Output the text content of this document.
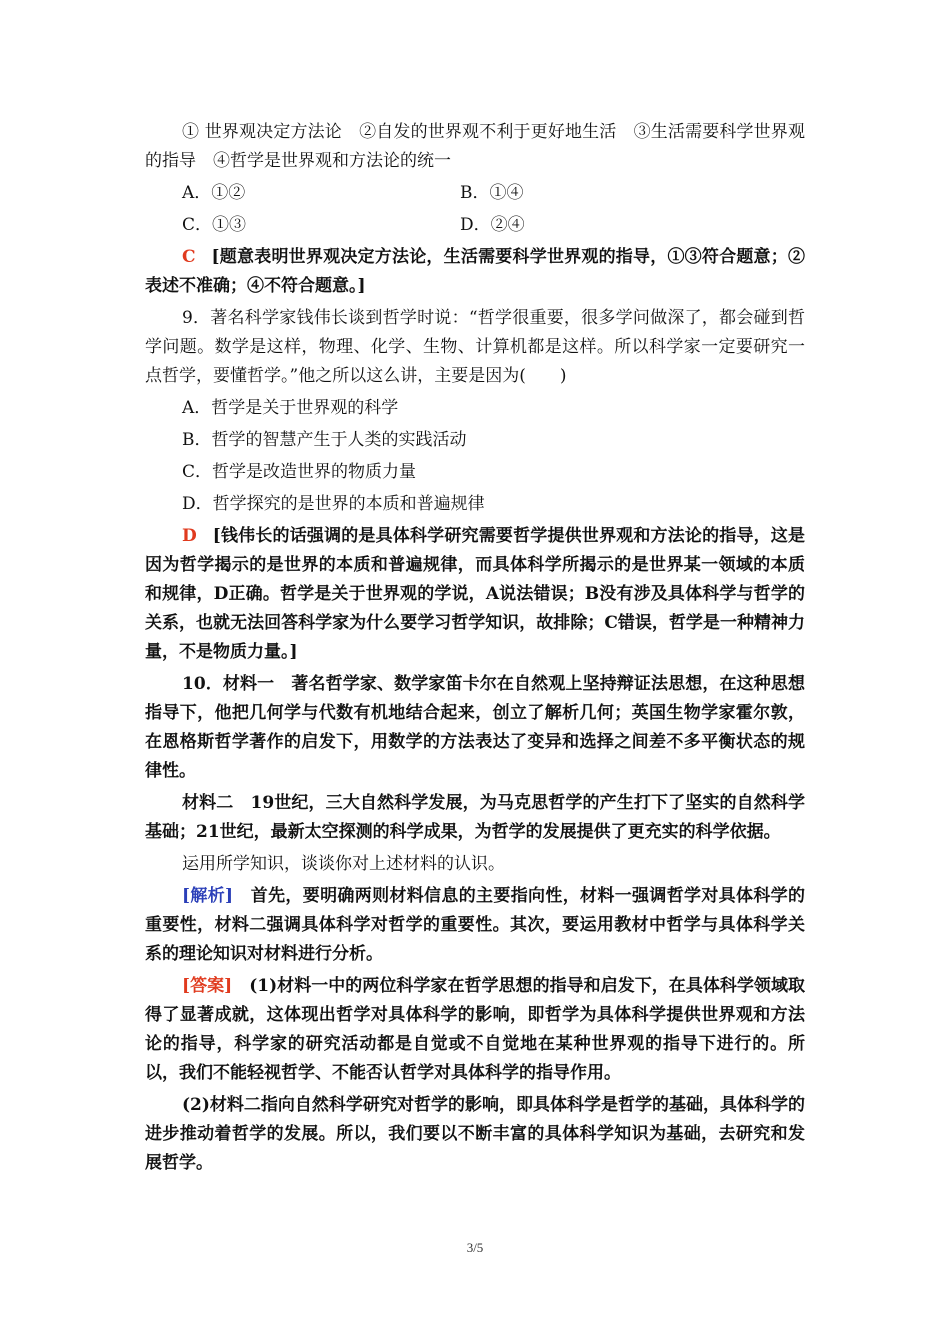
① 世界观决定方法论　②自发的世界观不利于更好地生活　③生活需要科学世界观的指导　④哲学是世界观和方法论的统一

A．①②	B．①④
C．①③	D．②④

C [题意表明世界观决定方法论，生活需要科学世界观的指导，①③符合题意；②表述不准确；④不符合题意。]

9．著名科学家钱伟长谈到哲学时说：“哲学很重要，很多学问做深了，都会碰到哲学问题。数学是这样，物理、化学、生物、计算机都是这样。所以科学家一定要研究一点哲学，要懂哲学。”他之所以这么讲，主要是因为(　　)

A．哲学是关于世界观的科学

B．哲学的智慧产生于人类的实践活动

C．哲学是改造世界的物质力量

D．哲学探究的是世界的本质和普遍规律

D [钱伟长的话强调的是具体科学研究需要哲学提供世界观和方法论的指导，这是因为哲学揭示的是世界的本质和普遍规律，而具体科学所揭示的是世界某一领域的本质和规律，D正确。哲学是关于世界观的学说，A说法错误；B没有涉及具体科学与哲学的关系，也就无法回答科学家为什么要学习哲学知识，故排除；C错误，哲学是一种精神力量，不是物质力量。]

10．材料一　著名哲学家、数学家笛卡尔在自然观上坚持辩证法思想，在这种思想指导下，他把几何学与代数有机地结合起来，创立了解析几何；英国生物学家霍尔敦，在恩格斯哲学著作的启发下，用数学的方法表达了变异和选择之间差不多平衡状态的规律性。

材料二　19世纪，三大自然科学发展，为马克思哲学的产生打下了坚实的自然科学基础；21世纪，最新太空探测的科学成果，为哲学的发展提供了更充实的科学依据。

运用所学知识，谈谈你对上述材料的认识。

[解析]　首先，要明确两则材料信息的主要指向性，材料一强调哲学对具体科学的重要性，材料二强调具体科学对哲学的重要性。其次，要运用教材中哲学与具体科学关系的理论知识对材料进行分析。

[答案]　(1)材料一中的两位科学家在哲学思想的指导和启发下，在具体科学领域取得了显著成就，这体现出哲学对具体科学的影响，即哲学为具体科学提供世界观和方法论的指导，科学家的研究活动都是自觉或不自觉地在某种世界观的指导下进行的。所以，我们不能轻视哲学、不能否认哲学对具体科学的指导作用。

(2)材料二指向自然科学研究对哲学的影响，即具体科学是哲学的基础，具体科学的进步推动着哲学的发展。所以，我们要以不断丰富的具体科学知识为基础，去研究和发展哲学。

3/5
